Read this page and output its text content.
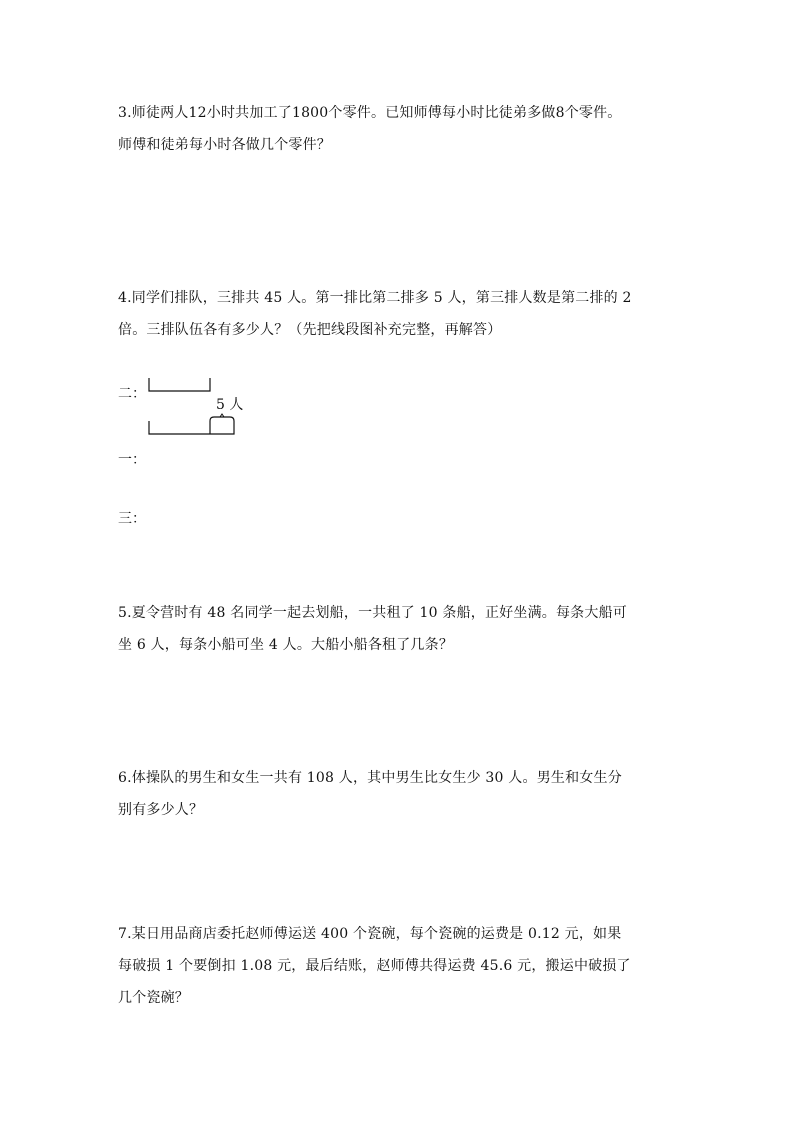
3.师徒两人12小时共加工了1800个零件。已知师傅每小时比徒弟多做8个零件。
师傅和徒弟每小时各做几个零件？
4.同学们排队，三排共 45 人。第一排比第二排多 5 人，第三排人数是第二排的 2
倍。三排队伍各有多少人？（先把线段图补充完整，再解答）
二：
5 人
一：
三：
5.夏令营时有 48 名同学一起去划船，一共租了 10 条船，正好坐满。每条大船可
坐 6 人，每条小船可坐 4 人。大船小船各租了几条？
6.体操队的男生和女生一共有 108 人，其中男生比女生少 30 人。男生和女生分
别有多少人？
7.某日用品商店委托赵师傅运送 400 个瓷碗，每个瓷碗的运费是 0.12 元，如果
每破损 1 个要倒扣 1.08 元，最后结账，赵师傅共得运费 45.6 元，搬运中破损了
几个瓷碗？
